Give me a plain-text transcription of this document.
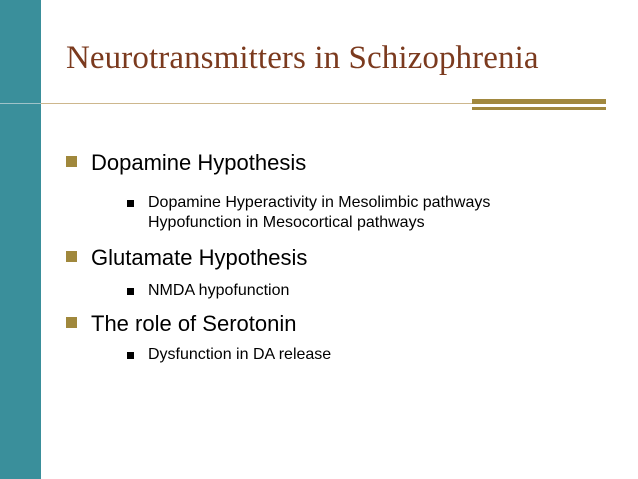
Neurotransmitters in Schizophrenia
Dopamine Hypothesis
Dopamine Hyperactivity in Mesolimbic pathways
Hypofunction in Mesocortical pathways
Glutamate Hypothesis
NMDA hypofunction
The role of Serotonin
Dysfunction in DA release
